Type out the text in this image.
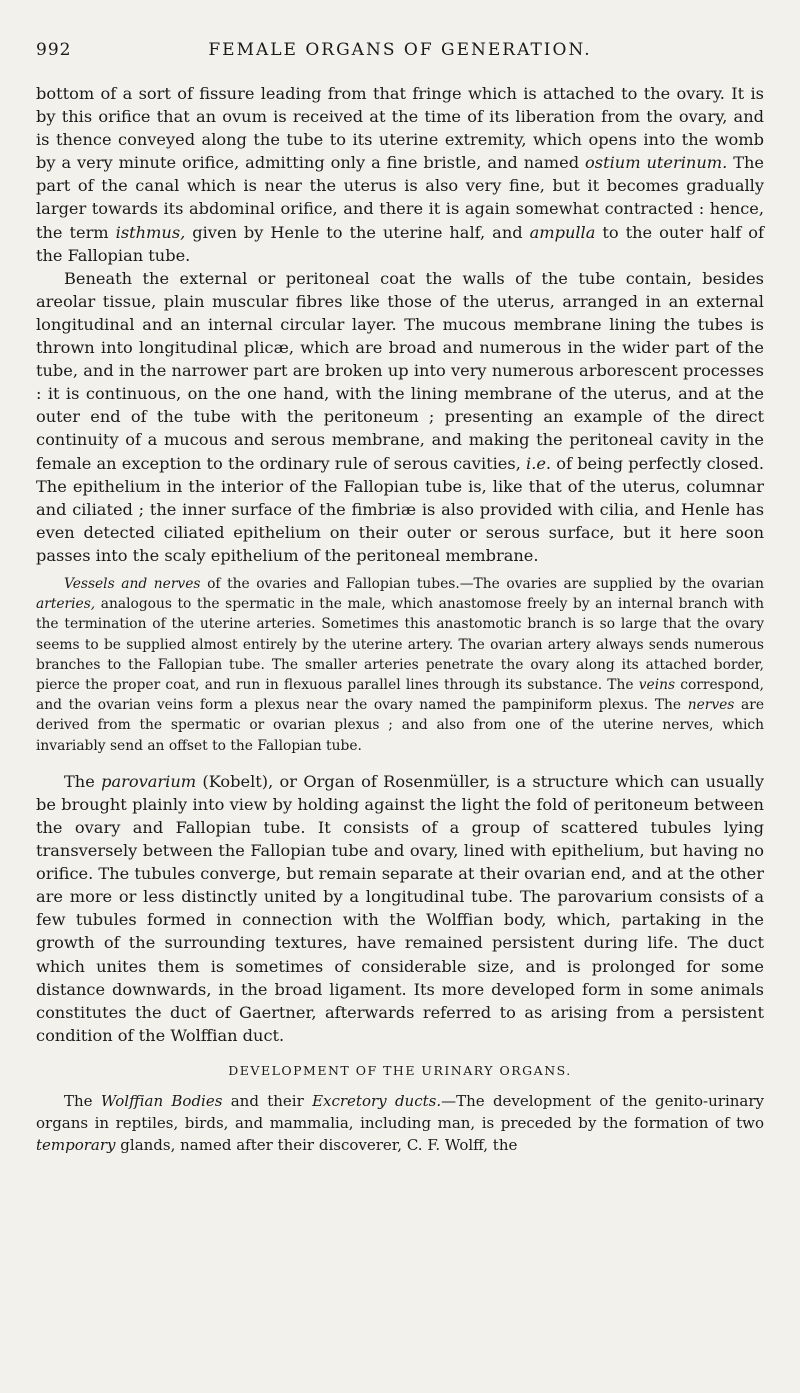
992	FEMALE ORGANS OF GENERATION.

bottom of a sort of fissure leading from that fringe which is attached to the ovary. It is by this orifice that an ovum is received at the time of its liberation from the ovary, and is thence conveyed along the tube to its uterine extremity, which opens into the womb by a very minute orifice, admitting only a fine bristle, and named ostium uterinum. The part of the canal which is near the uterus is also very fine, but it becomes gradually larger towards its abdominal orifice, and there it is again somewhat contracted : hence, the term isthmus, given by Henle to the uterine half, and ampulla to the outer half of the Fallopian tube.

Beneath the external or peritoneal coat the walls of the tube contain, besides areolar tissue, plain muscular fibres like those of the uterus, arranged in an external longitudinal and an internal circular layer. The mucous membrane lining the tubes is thrown into longitudinal plicæ, which are broad and numerous in the wider part of the tube, and in the narrower part are broken up into very numerous arborescent processes : it is continuous, on the one hand, with the lining membrane of the uterus, and at the outer end of the tube with the peritoneum ; presenting an example of the direct continuity of a mucous and serous membrane, and making the peritoneal cavity in the female an exception to the ordinary rule of serous cavities, i.e. of being perfectly closed. The epithelium in the interior of the Fallopian tube is, like that of the uterus, columnar and ciliated ; the inner surface of the fimbriæ is also provided with cilia, and Henle has even detected ciliated epithelium on their outer or serous surface, but it here soon passes into the scaly epithelium of the peritoneal membrane.

Vessels and nerves of the ovaries and Fallopian tubes.—The ovaries are supplied by the ovarian arteries, analogous to the spermatic in the male, which anastomose freely by an internal branch with the termination of the uterine arteries. Sometimes this anastomotic branch is so large that the ovary seems to be supplied almost entirely by the uterine artery. The ovarian artery always sends numerous branches to the Fallopian tube. The smaller arteries penetrate the ovary along its attached border, pierce the proper coat, and run in flexuous parallel lines through its substance. The veins correspond, and the ovarian veins form a plexus near the ovary named the pampiniform plexus. The nerves are derived from the spermatic or ovarian plexus ; and also from one of the uterine nerves, which invariably send an offset to the Fallopian tube.

The parovarium (Kobelt), or Organ of Rosenmüller, is a structure which can usually be brought plainly into view by holding against the light the fold of peritoneum between the ovary and Fallopian tube. It consists of a group of scattered tubules lying transversely between the Fallopian tube and ovary, lined with epithelium, but having no orifice. The tubules converge, but remain separate at their ovarian end, and at the other are more or less distinctly united by a longitudinal tube. The parovarium consists of a few tubules formed in connection with the Wolffian body, which, partaking in the growth of the surrounding textures, have remained persistent during life. The duct which unites them is sometimes of considerable size, and is prolonged for some distance downwards, in the broad ligament. Its more developed form in some animals constitutes the duct of Gaertner, afterwards referred to as arising from a persistent condition of the Wolffian duct.

DEVELOPMENT OF THE URINARY ORGANS.

The Wolffian Bodies and their Excretory ducts.—The development of the genito-urinary organs in reptiles, birds, and mammalia, including man, is preceded by the formation of two temporary glands, named after their discoverer, C. F. Wolff, the
